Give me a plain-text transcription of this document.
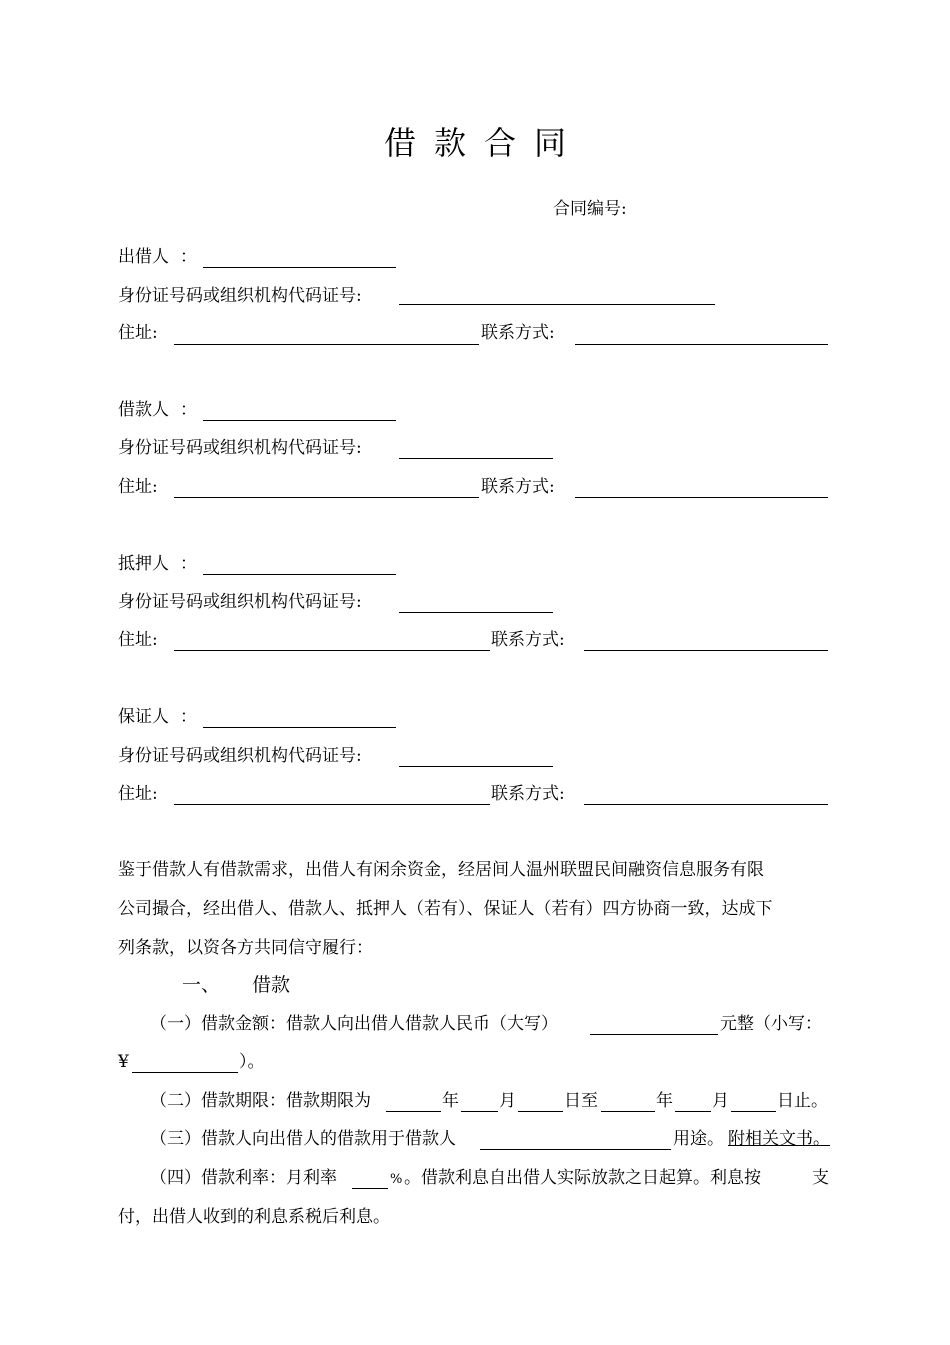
借款合同
合同编号:
出借人 ：
身份证号码或组织机构代码证号:
住址:	联系方式:
借款人 ：
身份证号码或组织机构代码证号:
住址:	联系方式:
抵押人 ：
身份证号码或组织机构代码证号:
住址:	联系方式:
保证人 ：
身份证号码或组织机构代码证号:
住址:	联系方式:
鉴于借款人有借款需求，出借人有闲余资金，经居间人温州联盟民间融资信息服务有限
公司撮合，经出借人、借款人、抵押人（若有）、保证人（若有）四方协商一致，达成下
列条款，以资各方共同信守履行：
一、 借款
（一）借款金额：借款人向出借人借款人民币（大写）	元整（小写：
¥	）。
（二）借款期限：借款期限为	年 月	日至	年 月	日止。
（三）借款人向出借人的借款用于借款人	用途。 附相关文书。
（四）借款利率：月利率	% 。借款利息自出借人实际放款之日起算。利息按	支
付，出借人收到的利息系税后利息。
